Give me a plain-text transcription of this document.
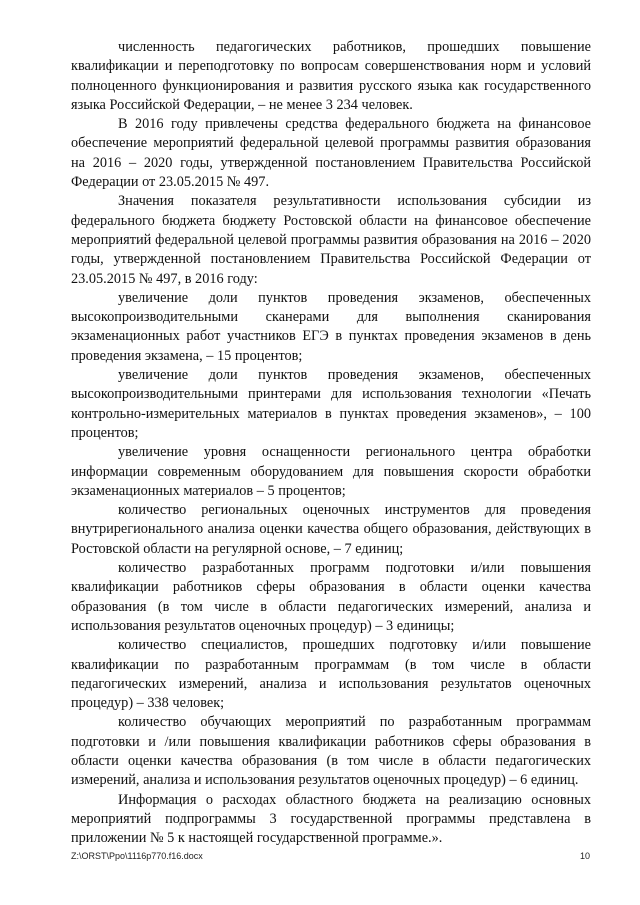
численность педагогических работников, прошедших повышение квалификации и переподготовку по вопросам совершенствования норм и условий полноценного функционирования и развития русского языка как государственного языка Российской Федерации, – не менее 3 234 человек.

В 2016 году привлечены средства федерального бюджета на финансовое обеспечение мероприятий федеральной целевой программы развития образования на 2016 – 2020 годы, утвержденной постановлением Правительства Российской Федерации от 23.05.2015 № 497.

Значения показателя результативности использования субсидии из федерального бюджета бюджету Ростовской области на финансовое обеспечение мероприятий федеральной целевой программы развития образования на 2016 – 2020 годы, утвержденной постановлением Правительства Российской Федерации от 23.05.2015 № 497, в 2016 году:

увеличение доли пунктов проведения экзаменов, обеспеченных высокопроизводительными сканерами для выполнения сканирования экзаменационных работ участников ЕГЭ в пунктах проведения экзаменов в день проведения экзамена, – 15 процентов;

увеличение доли пунктов проведения экзаменов, обеспеченных высокопроизводительными принтерами для использования технологии «Печать контрольно-измерительных материалов в пунктах проведения экзаменов», – 100 процентов;

увеличение уровня оснащенности регионального центра обработки информации современным оборудованием для повышения скорости обработки экзаменационных материалов – 5 процентов;

количество региональных оценочных инструментов для проведения внутрирегионального анализа оценки качества общего образования, действующих в Ростовской области на регулярной основе, – 7 единиц;

количество разработанных программ подготовки и/или повышения квалификации работников сферы образования в области оценки качества образования (в том числе в области педагогических измерений, анализа и использования результатов оценочных процедур) – 3 единицы;

количество специалистов, прошедших подготовку и/или повышение квалификации по разработанным программам (в том числе в области педагогических измерений, анализа и использования результатов оценочных процедур) – 338 человек;

количество обучающих мероприятий по разработанным программам подготовки и /или повышения квалификации работников сферы образования в области оценки качества образования (в том числе в области педагогических измерений, анализа и использования результатов оценочных процедур) – 6 единиц.

Информация о расходах областного бюджета на реализацию основных мероприятий подпрограммы 3 государственной программы представлена в приложении № 5 к настоящей государственной программе.».

Z:\ORST\Ppo\1116p770.f16.docx	10
